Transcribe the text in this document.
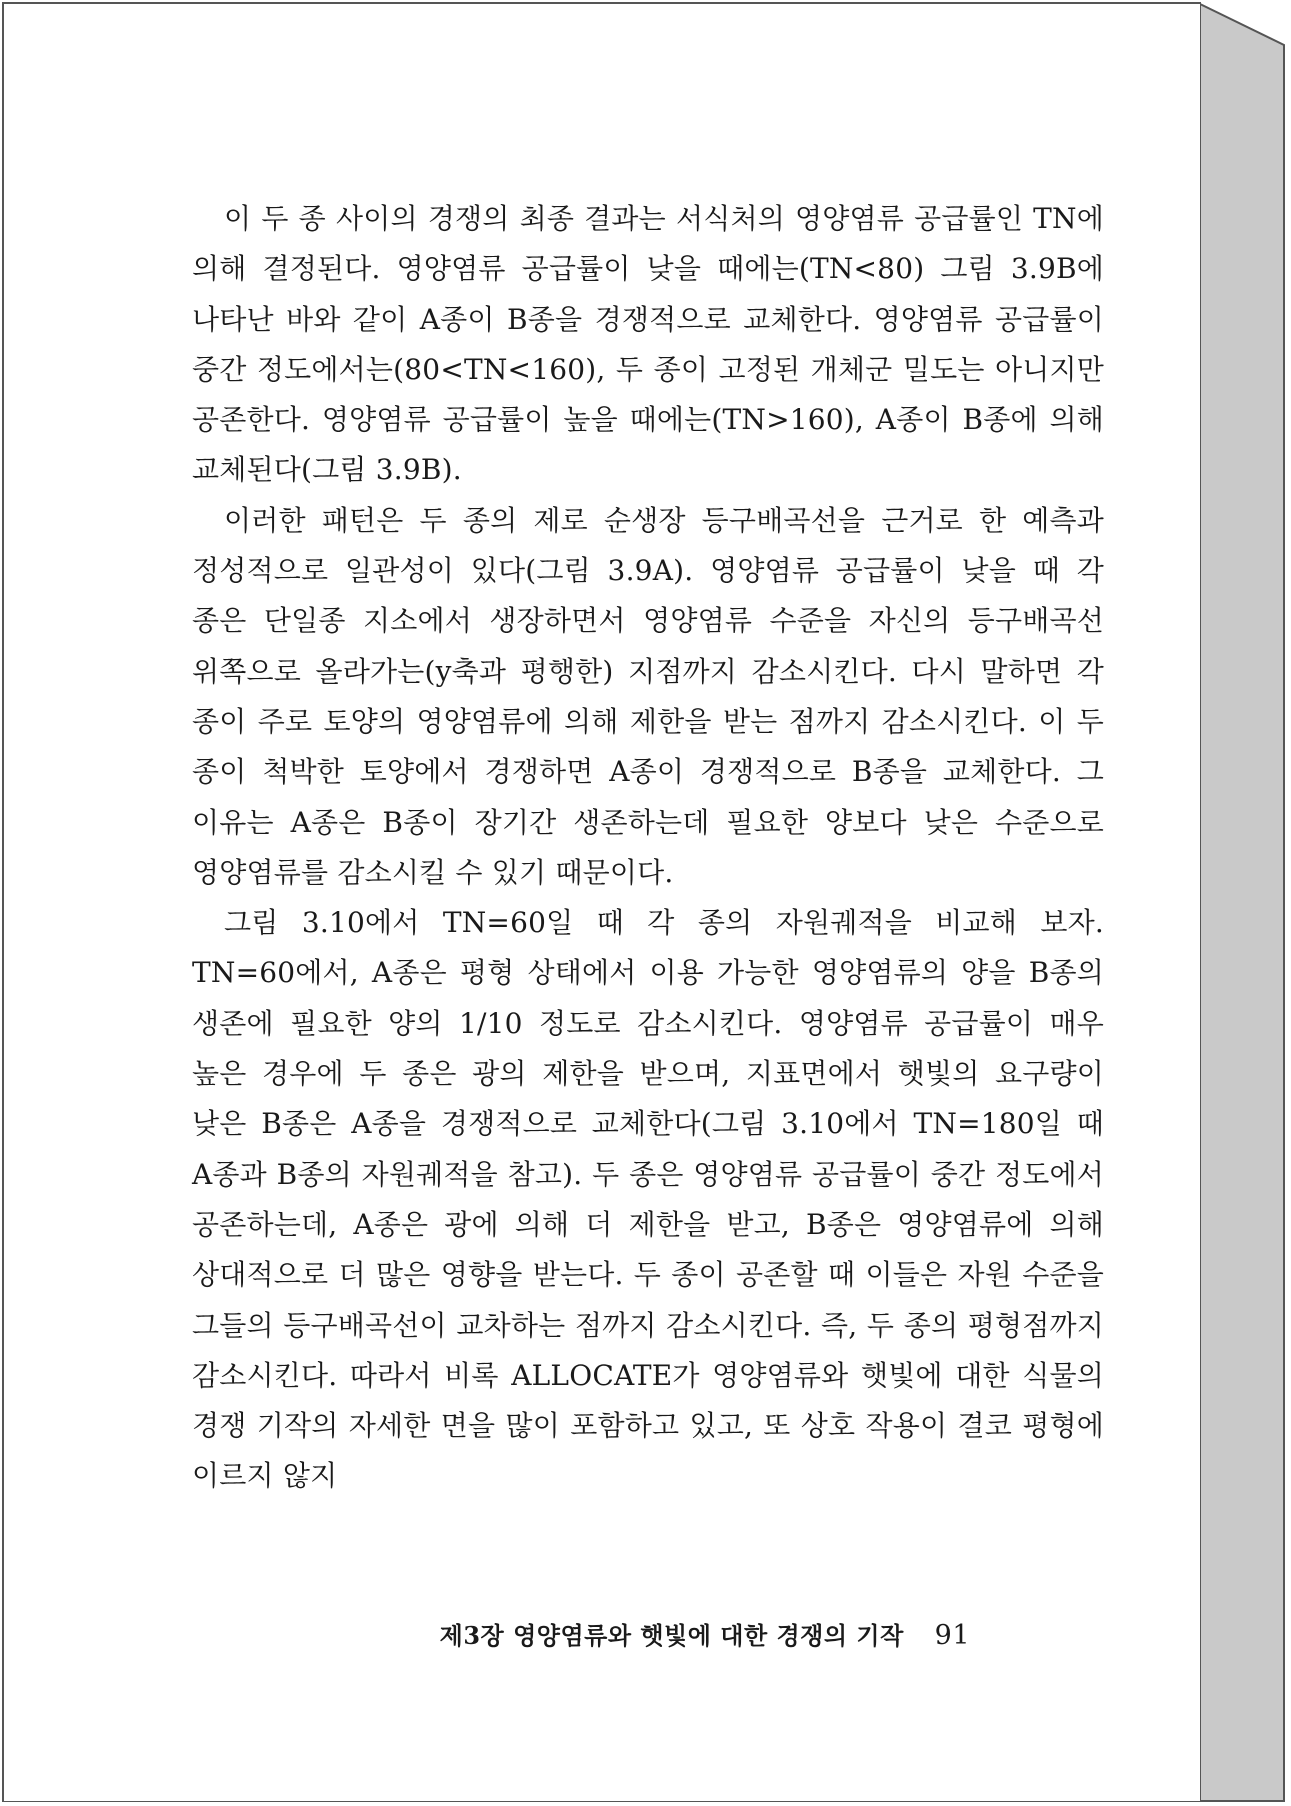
이 두 종 사이의 경쟁의 최종 결과는 서식처의 영양염류 공급률인 TN에 의해 결정된다. 영양염류 공급률이 낮을 때에는(TN<80) 그림 3.9B에 나타난 바와 같이 A종이 B종을 경쟁적으로 교체한다. 영양염류 공급률이 중간 정도에서는(80<TN<160), 두 종이 고정된 개체군 밀도는 아니지만 공존한다. 영양염류 공급률이 높을 때에는(TN>160), A종이 B종에 의해 교체된다(그림 3.9B).

이러한 패턴은 두 종의 제로 순생장 등구배곡선을 근거로 한 예측과 정성적으로 일관성이 있다(그림 3.9A). 영양염류 공급률이 낮을 때 각 종은 단일종 지소에서 생장하면서 영양염류 수준을 자신의 등구배곡선 위쪽으로 올라가는(y축과 평행한) 지점까지 감소시킨다. 다시 말하면 각 종이 주로 토양의 영양염류에 의해 제한을 받는 점까지 감소시킨다. 이 두 종이 척박한 토양에서 경쟁하면 A종이 경쟁적으로 B종을 교체한다. 그 이유는 A종은 B종이 장기간 생존하는데 필요한 양보다 낮은 수준으로 영양염류를 감소시킬 수 있기 때문이다.

그림 3.10에서 TN=60일 때 각 종의 자원궤적을 비교해 보자. TN=60에서, A종은 평형 상태에서 이용 가능한 영양염류의 양을 B종의 생존에 필요한 양의 1/10 정도로 감소시킨다. 영양염류 공급률이 매우 높은 경우에 두 종은 광의 제한을 받으며, 지표면에서 햇빛의 요구량이 낮은 B종은 A종을 경쟁적으로 교체한다(그림 3.10에서 TN=180일 때 A종과 B종의 자원궤적을 참고). 두 종은 영양염류 공급률이 중간 정도에서 공존하는데, A종은 광에 의해 더 제한을 받고, B종은 영양염류에 의해 상대적으로 더 많은 영향을 받는다. 두 종이 공존할 때 이들은 자원 수준을 그들의 등구배곡선이 교차하는 점까지 감소시킨다. 즉, 두 종의 평형점까지 감소시킨다. 따라서 비록 ALLOCATE가 영양염류와 햇빛에 대한 식물의 경쟁 기작의 자세한 면을 많이 포함하고 있고, 또 상호 작용이 결코 평형에 이르지 않지

제3장 영양염류와 햇빛에 대한 경쟁의 기작 91
